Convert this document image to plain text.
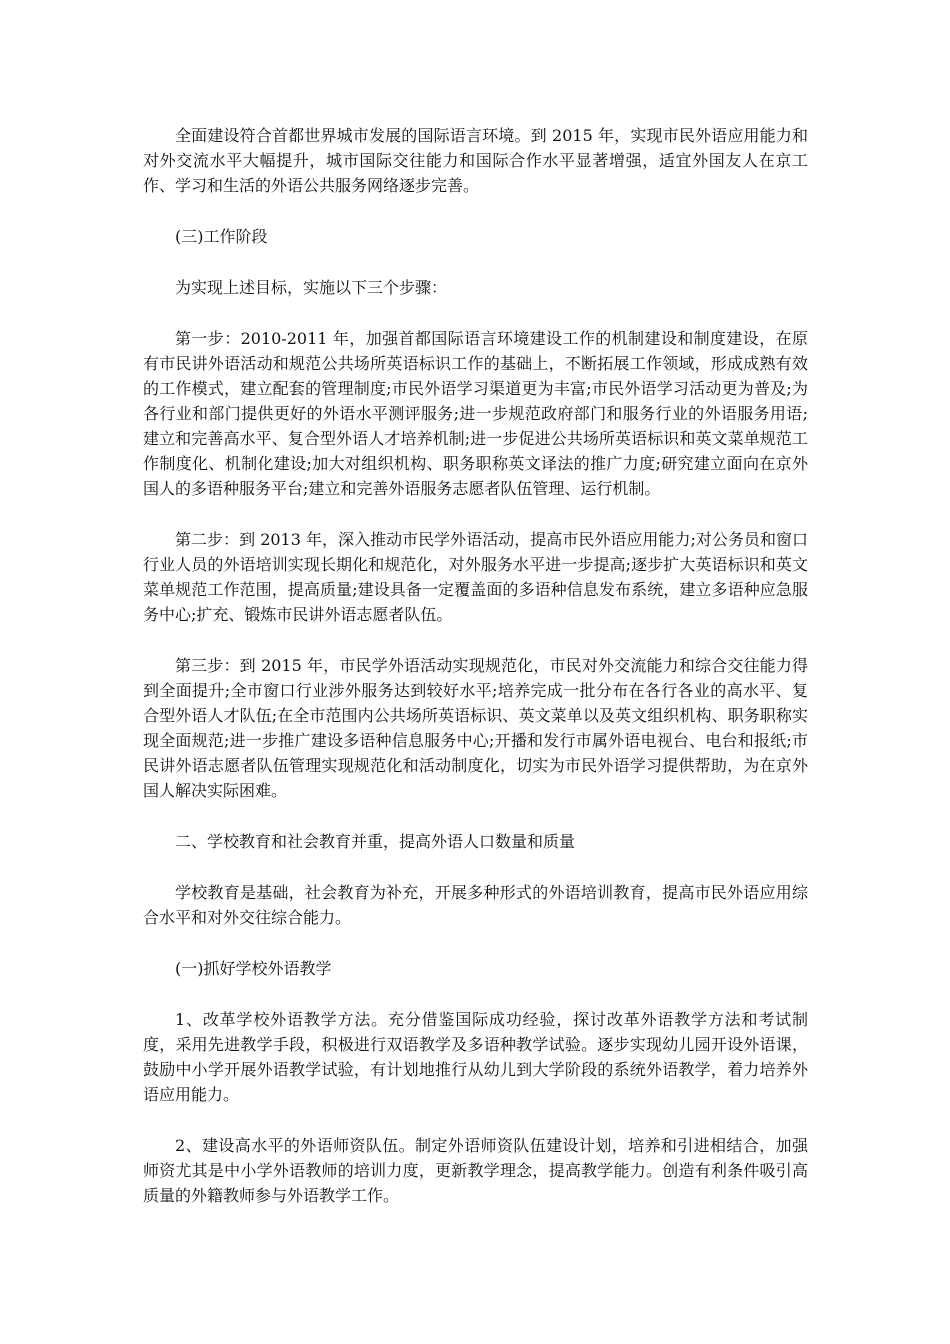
全面建设符合首都世界城市发展的国际语言环境。到 2015 年，实现市民外语应用能力和对外交流水平大幅提升，城市国际交往能力和国际合作水平显著增强，适宜外国友人在京工作、学习和生活的外语公共服务网络逐步完善。

(三)工作阶段

为实现上述目标，实施以下三个步骤：

第一步：2010-2011 年，加强首都国际语言环境建设工作的机制建设和制度建设，在原有市民讲外语活动和规范公共场所英语标识工作的基础上，不断拓展工作领域，形成成熟有效的工作模式，建立配套的管理制度;市民外语学习渠道更为丰富;市民外语学习活动更为普及;为各行业和部门提供更好的外语水平测评服务;进一步规范政府部门和服务行业的外语服务用语;建立和完善高水平、复合型外语人才培养机制;进一步促进公共场所英语标识和英文菜单规范工作制度化、机制化建设;加大对组织机构、职务职称英文译法的推广力度;研究建立面向在京外国人的多语种服务平台;建立和完善外语服务志愿者队伍管理、运行机制。

第二步：到 2013 年，深入推动市民学外语活动，提高市民外语应用能力;对公务员和窗口行业人员的外语培训实现长期化和规范化，对外服务水平进一步提高;逐步扩大英语标识和英文菜单规范工作范围，提高质量;建设具备一定覆盖面的多语种信息发布系统，建立多语种应急服务中心;扩充、锻炼市民讲外语志愿者队伍。

第三步：到 2015 年，市民学外语活动实现规范化，市民对外交流能力和综合交往能力得到全面提升;全市窗口行业涉外服务达到较好水平;培养完成一批分布在各行各业的高水平、复合型外语人才队伍;在全市范围内公共场所英语标识、英文菜单以及英文组织机构、职务职称实现全面规范;进一步推广建设多语种信息服务中心;开播和发行市属外语电视台、电台和报纸;市民讲外语志愿者队伍管理实现规范化和活动制度化，切实为市民外语学习提供帮助，为在京外国人解决实际困难。

二、学校教育和社会教育并重，提高外语人口数量和质量

学校教育是基础，社会教育为补充，开展多种形式的外语培训教育，提高市民外语应用综合水平和对外交往综合能力。

(一)抓好学校外语教学

1、改革学校外语教学方法。充分借鉴国际成功经验，探讨改革外语教学方法和考试制度，采用先进教学手段，积极进行双语教学及多语种教学试验。逐步实现幼儿园开设外语课，鼓励中小学开展外语教学试验，有计划地推行从幼儿到大学阶段的系统外语教学，着力培养外语应用能力。

2、建设高水平的外语师资队伍。制定外语师资队伍建设计划，培养和引进相结合，加强师资尤其是中小学外语教师的培训力度，更新教学理念，提高教学能力。创造有利条件吸引高质量的外籍教师参与外语教学工作。
